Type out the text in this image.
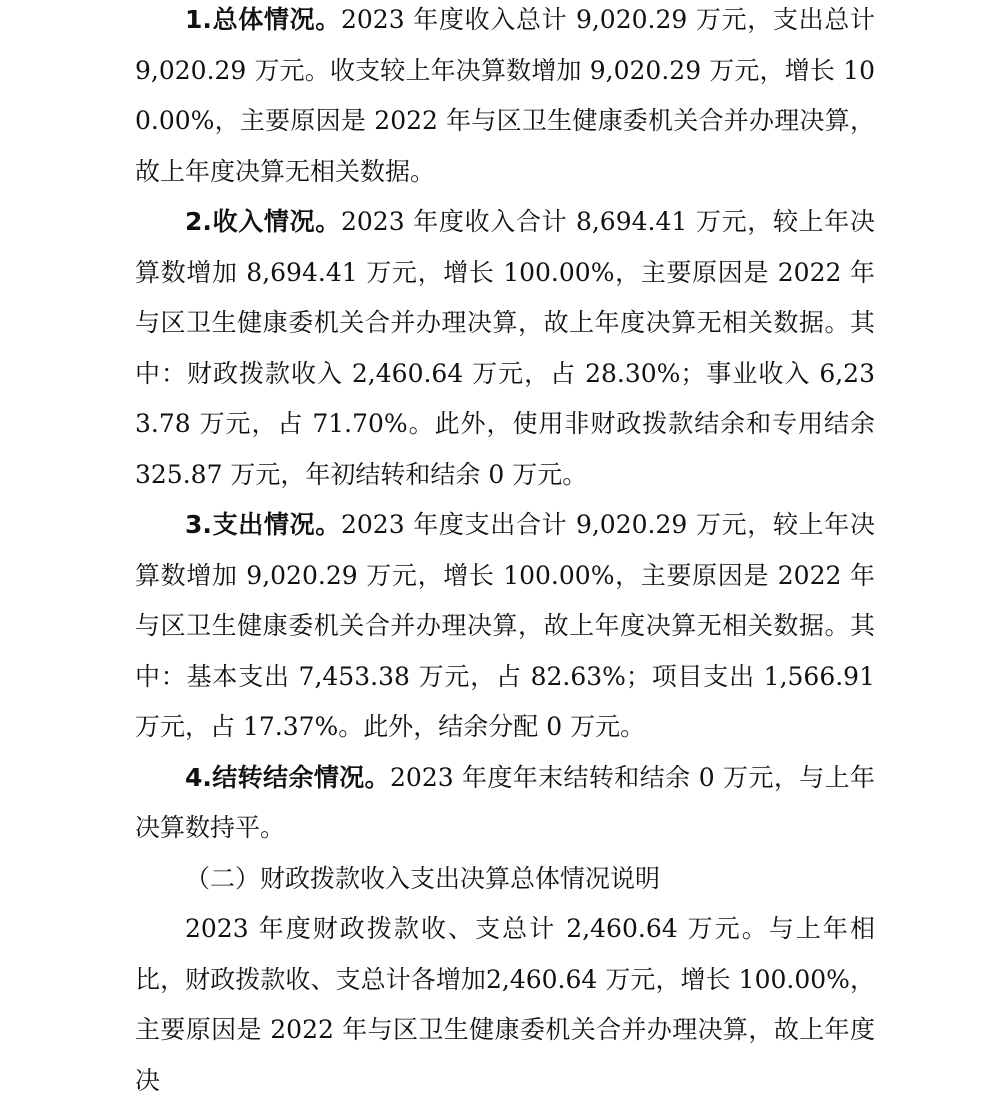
1.总体情况。2023 年度收入总计 9,020.29 万元，支出总计 9,020.29 万元。收支较上年决算数增加 9,020.29 万元，增长 100.00%，主要原因是 2022 年与区卫生健康委机关合并办理决算，故上年度决算无相关数据。

2.收入情况。2023 年度收入合计 8,694.41 万元，较上年决算数增加 8,694.41 万元，增长 100.00%，主要原因是 2022 年与区卫生健康委机关合并办理决算，故上年度决算无相关数据。其中：财政拨款收入 2,460.64 万元，占 28.30%；事业收入 6,233.78 万元，占 71.70%。此外，使用非财政拨款结余和专用结余 325.87 万元，年初结转和结余 0 万元。

3.支出情况。2023 年度支出合计 9,020.29 万元，较上年决算数增加 9,020.29 万元，增长 100.00%，主要原因是 2022 年与区卫生健康委机关合并办理决算，故上年度决算无相关数据。其中：基本支出 7,453.38 万元，占 82.63%；项目支出 1,566.91 万元，占 17.37%。此外，结余分配 0 万元。

4.结转结余情况。2023 年度年末结转和结余 0 万元，与上年决算数持平。

（二）财政拨款收入支出决算总体情况说明

2023 年度财政拨款收、支总计 2,460.64 万元。与上年相比，财政拨款收、支总计各增加2,460.64 万元，增长 100.00%，主要原因是 2022 年与区卫生健康委机关合并办理决算，故上年度决
